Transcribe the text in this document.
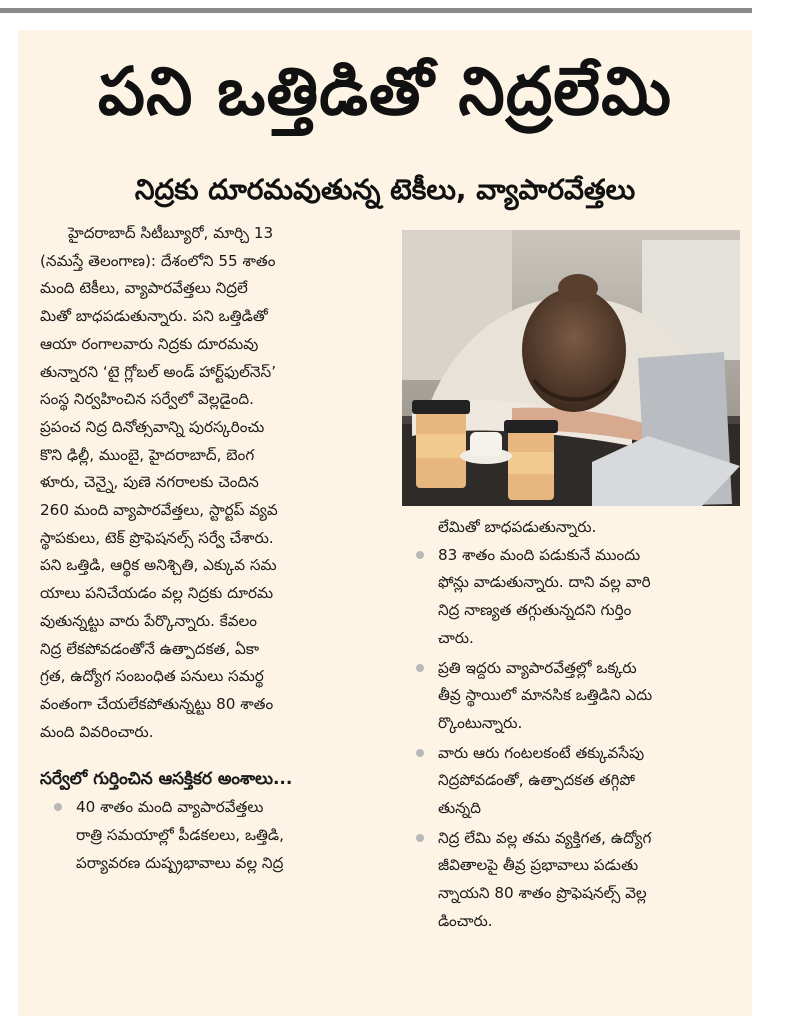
పని ఒత్తిడితో నిద్రలేమి
నిద్రకు దూరమవుతున్న టెకీలు, వ్యాపారవేత్తలు
హైదరాబాద్ సిటీబ్యూరో, మార్చి 13
(నమస్తే తెలంగాణ): దేశంలోని 55 శాతం
మంది టెకీలు, వ్యాపారవేత్తలు నిద్రలే
మితో బాధపడుతున్నారు. పని ఒత్తిడితో
ఆయా రంగాలవారు నిద్రకు దూరమవు
తున్నారని ‘టై గ్లోబల్ అండ్ హార్ట్‌ఫుల్‌నెస్’
సంస్థ నిర్వహించిన సర్వేలో వెల్లడైంది.
ప్రపంచ నిద్ర దినోత్సవాన్ని పురస్కరించు
కొని ఢిల్లీ, ముంబై, హైదరాబాద్, బెంగ
ళూరు, చెన్నై, పుణె నగరాలకు చెందిన
260 మంది వ్యాపారవేత్తలు, స్టార్టప్ వ్యవ
స్థాపకులు, టెక్ ప్రొఫెషనల్స్ సర్వే చేశారు.
పని ఒత్తిడి, ఆర్థిక అనిశ్చితి, ఎక్కువ సమ
యాలు పనిచేయడం వల్ల నిద్రకు దూరమ
వుతున్నట్టు వారు పేర్కొన్నారు. కేవలం
నిద్ర లేకపోవడంతోనే ఉత్పాదకత, ఏకా
గ్రత, ఉద్యోగ సంబంధిత పనులు సమర్థ
వంతంగా చేయలేకపోతున్నట్టు 80 శాతం
మంది వివరించారు.
సర్వేలో గుర్తించిన ఆసక్తికర అంశాలు...
40 శాతం మంది వ్యాపారవేత్తలు
రాత్రి సమయాల్లో పీడకలలు, ఒత్తిడి,
పర్యావరణ దుష్ప్రభావాలు వల్ల నిద్ర
లేమితో బాధపడుతున్నారు.
83 శాతం మంది పడుకునే ముందు
ఫోన్లు వాడుతున్నారు. దాని వల్ల వారి
నిద్ర నాణ్యత తగ్గుతున్నదని గుర్తిం
చారు.
ప్రతి ఇద్దరు వ్యాపారవేత్తల్లో ఒక్కరు
తీవ్ర స్థాయిలో మానసిక ఒత్తిడిని ఎదు
ర్కొంటున్నారు.
వారు ఆరు గంటలకంటే తక్కువసేపు
నిద్రపోవడంతో, ఉత్పాదకత తగ్గిపో
తున్నది
నిద్ర లేమి వల్ల తమ వ్యక్తిగత, ఉద్యోగ
జీవితాలపై తీవ్ర ప్రభావాలు పడుతు
న్నాయని 80 శాతం ప్రొఫెషనల్స్ వెల్ల
డించారు.
